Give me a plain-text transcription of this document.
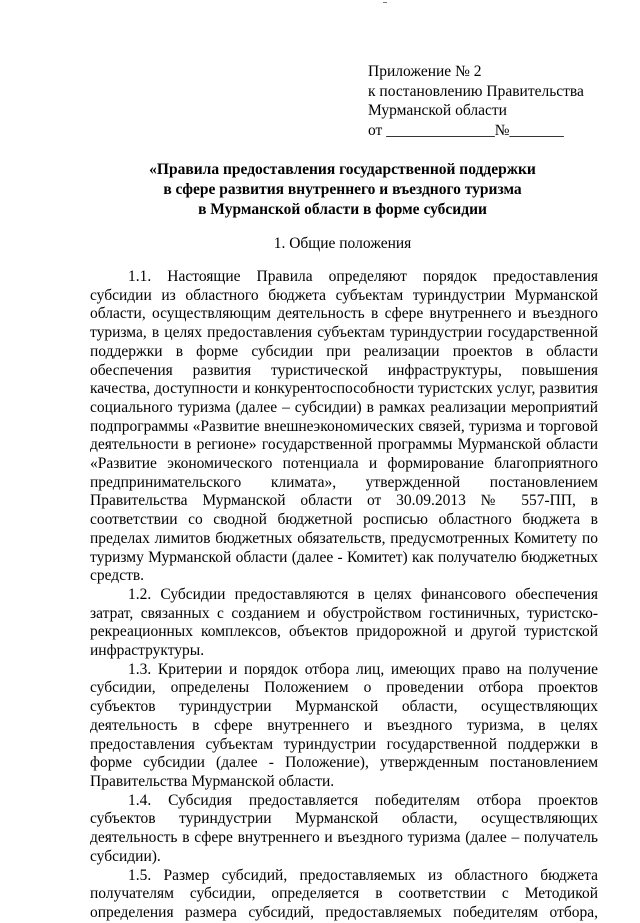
Приложение № 2
к постановлению Правительства
Мурманской области
от ______________№_______
«Правила предоставления государственной поддержки
в сфере развития внутреннего и въездного туризма
в Мурманской области в форме субсидии
1. Общие положения

1.1. Настоящие Правила определяют порядок предоставления субсидии из областного бюджета субъектам туриндустрии Мурманской области, осуществляющим деятельность в сфере внутреннего и въездного туризма, в целях предоставления субъектам туриндустрии государственной поддержки в форме субсидии при реализации проектов в области обеспечения развития туристической инфраструктуры, повышения качества, доступности и конкурентоспособности туристских услуг, развития социального туризма (далее – субсидии) в рамках реализации мероприятий подпрограммы «Развитие внешнеэкономических связей, туризма и торговой деятельности в регионе» государственной программы Мурманской области «Развитие экономического потенциала и формирование благоприятного предпринимательского климата», утвержденной постановлением Правительства Мурманской области от 30.09.2013 № 557-ПП, в соответствии со сводной бюджетной росписью областного бюджета в пределах лимитов бюджетных обязательств, предусмотренных Комитету по туризму Мурманской области (далее - Комитет) как получателю бюджетных средств.

1.2. Субсидии предоставляются в целях финансового обеспечения затрат, связанных с созданием и обустройством гостиничных, туристско-рекреационных комплексов, объектов придорожной и другой туристской инфраструктуры.

1.3. Критерии и порядок отбора лиц, имеющих право на получение субсидии, определены Положением о проведении отбора проектов субъектов туриндустрии Мурманской области, осуществляющих деятельность в сфере внутреннего и въездного туризма, в целях предоставления субъектам туриндустрии государственной поддержки в форме субсидии (далее - Положение), утвержденным постановлением Правительства Мурманской области.

1.4. Субсидия предоставляется победителям отбора проектов субъектов туриндустрии Мурманской области, осуществляющих деятельность в сфере внутреннего и въездного туризма (далее – получатель субсидии).

1.5. Размер субсидий, предоставляемых из областного бюджета получателям субсидии, определяется в соответствии с Методикой определения размера субсидий, предоставляемых победителям отбора,
